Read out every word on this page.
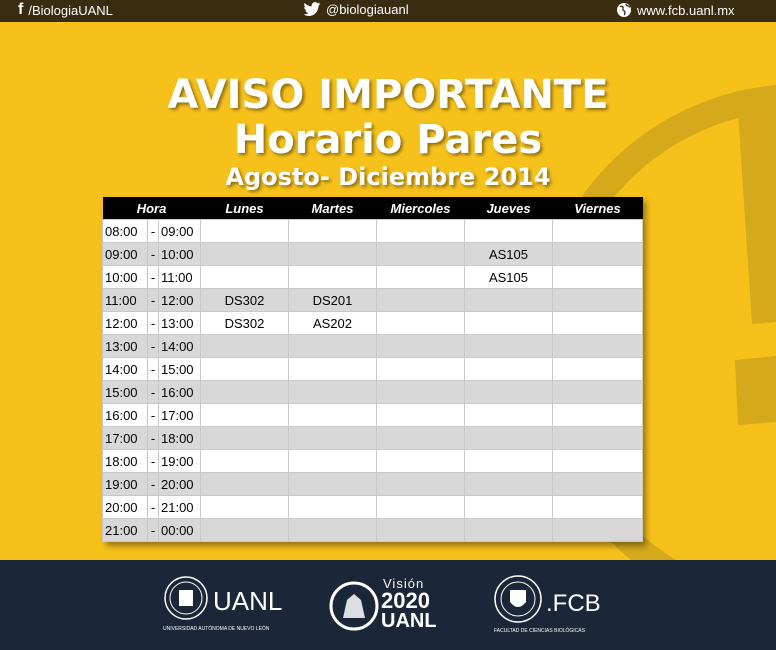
f /BiologiaUANL	@biologiauanl	www.fcb.uanl.mx
AVISO IMPORTANTE
Horario Pares
Agosto- Diciembre 2014
Hora			Lunes	Martes	Miercoles	Jueves	Viernes
08:00	-	09:00					
09:00	-	10:00				AS105	
10:00	-	11:00				AS105	
11:00	-	12:00	DS302	DS201			
12:00	-	13:00	DS302	AS202			
13:00	-	14:00					
14:00	-	15:00					
15:00	-	16:00					
16:00	-	17:00					
17:00	-	18:00					
18:00	-	19:00					
19:00	-	20:00					
20:00	-	21:00					
21:00	-	00:00					
UANL
UNIVERSIDAD AUTÓNOMA DE NUEVO LEÓN
Visión
2020
UANL
.FCB
FACULTAD DE CIENCIAS BIOLÓGICAS
